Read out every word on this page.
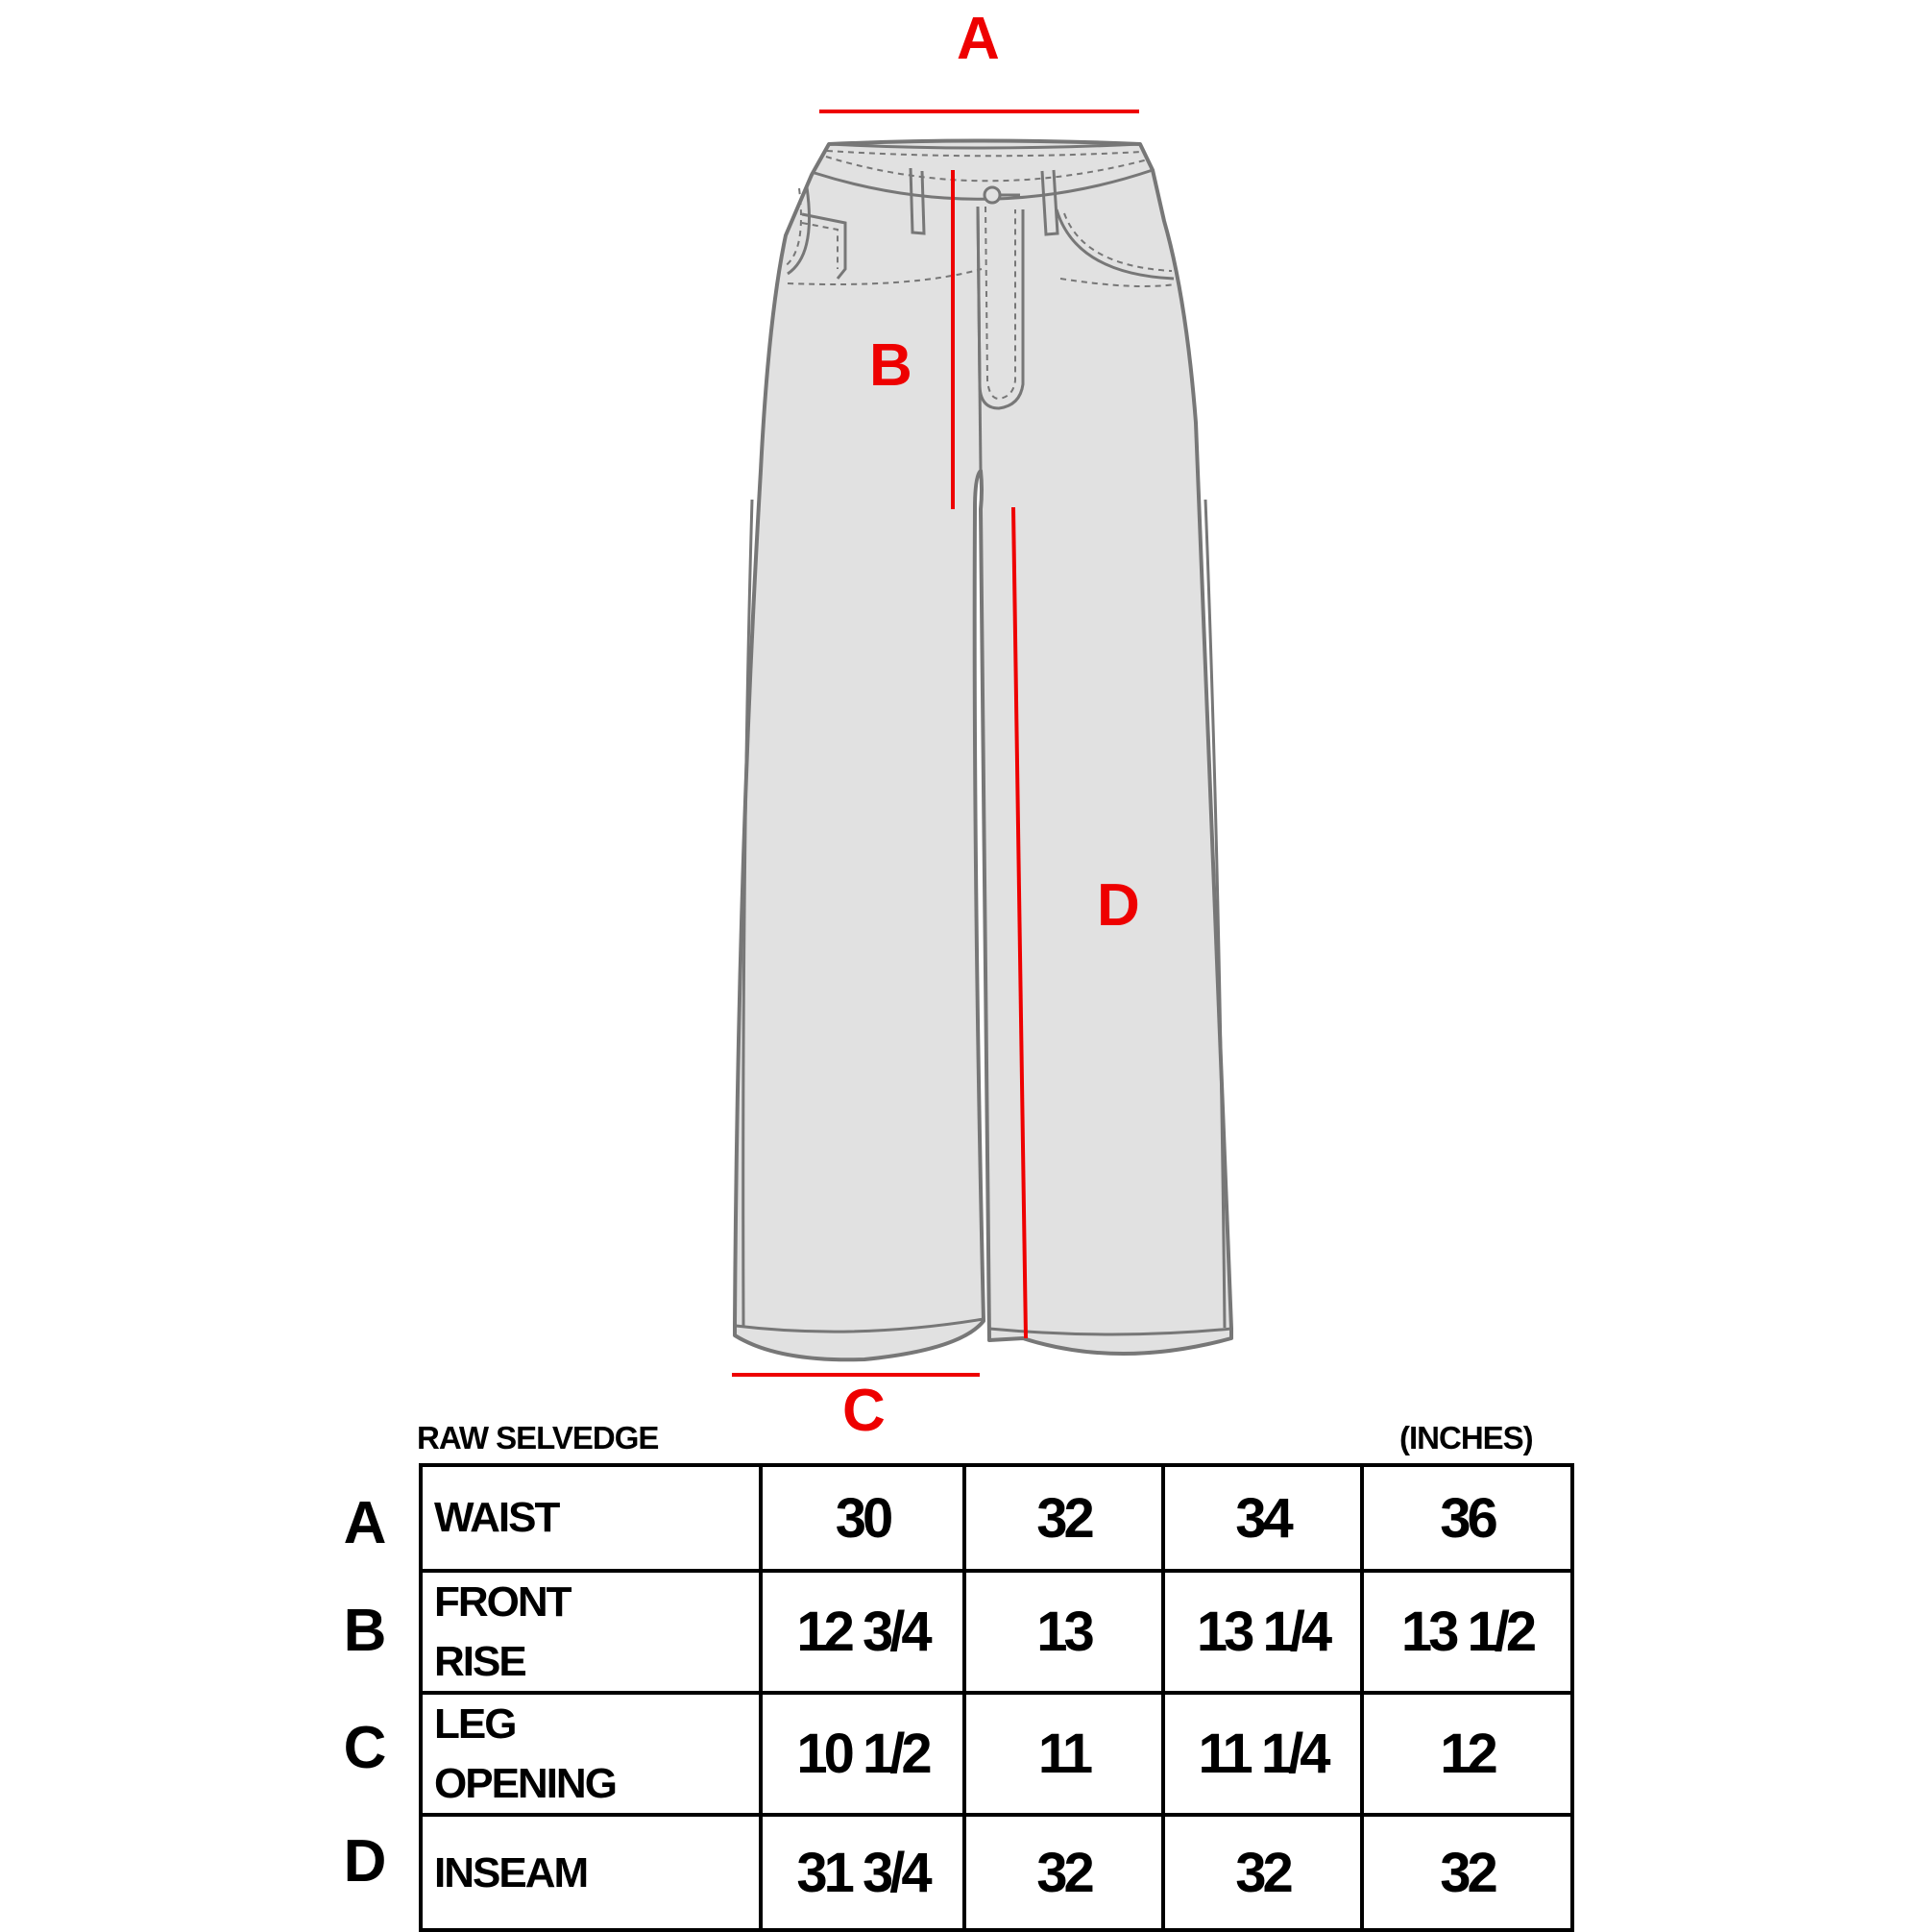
A
B
D
C
RAW SELVEDGE	(INCHES)
A
B
C
D
WAIST	30	32	34	36
FRONT
RISE	12 3/4	13	13 1/4	13 1/2
LEG
OPENING	10 1/2	11	11 1/4	12
INSEAM	31 3/4	32	32	32
